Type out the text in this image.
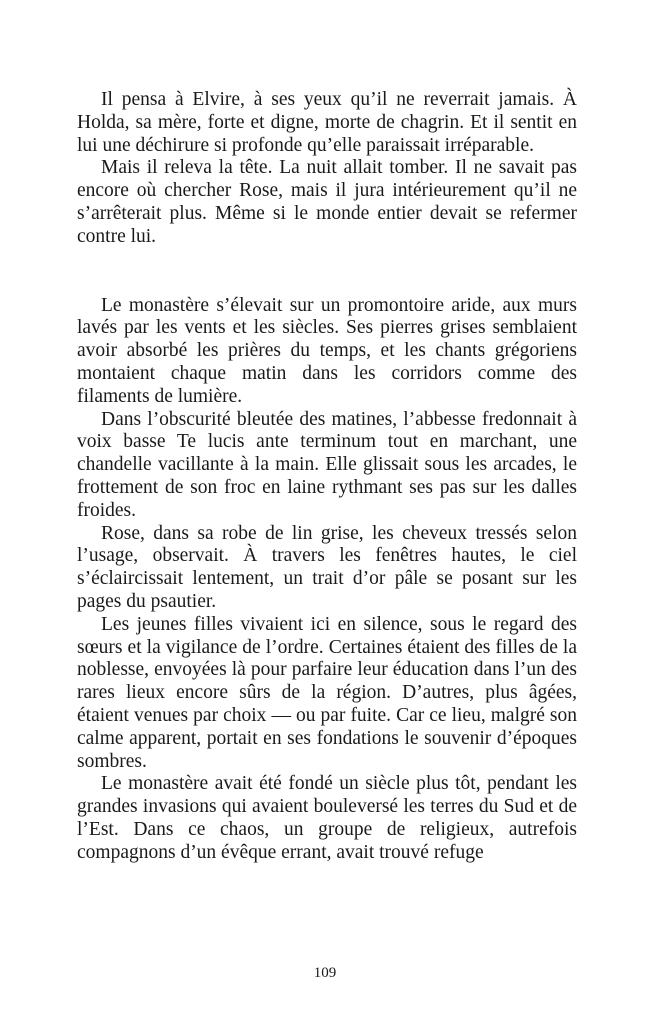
Il pensa à Elvire, à ses yeux qu’il ne reverrait jamais. À Holda, sa mère, forte et digne, morte de chagrin. Et il sentit en lui une déchirure si profonde qu’elle paraissait irréparable.

Mais il releva la tête. La nuit allait tomber. Il ne savait pas encore où chercher Rose, mais il jura intérieurement qu’il ne s’arrêterait plus. Même si le monde entier devait se refermer contre lui.

Le monastère s’élevait sur un promontoire aride, aux murs lavés par les vents et les siècles. Ses pierres grises semblaient avoir absorbé les prières du temps, et les chants grégoriens montaient chaque matin dans les corridors comme des filaments de lumière.

Dans l’obscurité bleutée des matines, l’abbesse fredonnait à voix basse Te lucis ante terminum tout en marchant, une chandelle vacillante à la main. Elle glissait sous les arcades, le frottement de son froc en laine rythmant ses pas sur les dalles froides.

Rose, dans sa robe de lin grise, les cheveux tressés selon l’usage, observait. À travers les fenêtres hautes, le ciel s’éclaircissait lentement, un trait d’or pâle se posant sur les pages du psautier.

Les jeunes filles vivaient ici en silence, sous le regard des sœurs et la vigilance de l’ordre. Certaines étaient des filles de la noblesse, envoyées là pour parfaire leur éducation dans l’un des rares lieux encore sûrs de la région. D’autres, plus âgées, étaient venues par choix — ou par fuite. Car ce lieu, malgré son calme apparent, portait en ses fondations le souvenir d’époques sombres.

Le monastère avait été fondé un siècle plus tôt, pendant les grandes invasions qui avaient bouleversé les terres du Sud et de l’Est. Dans ce chaos, un groupe de religieux, autrefois compagnons d’un évêque errant, avait trouvé refuge

109
